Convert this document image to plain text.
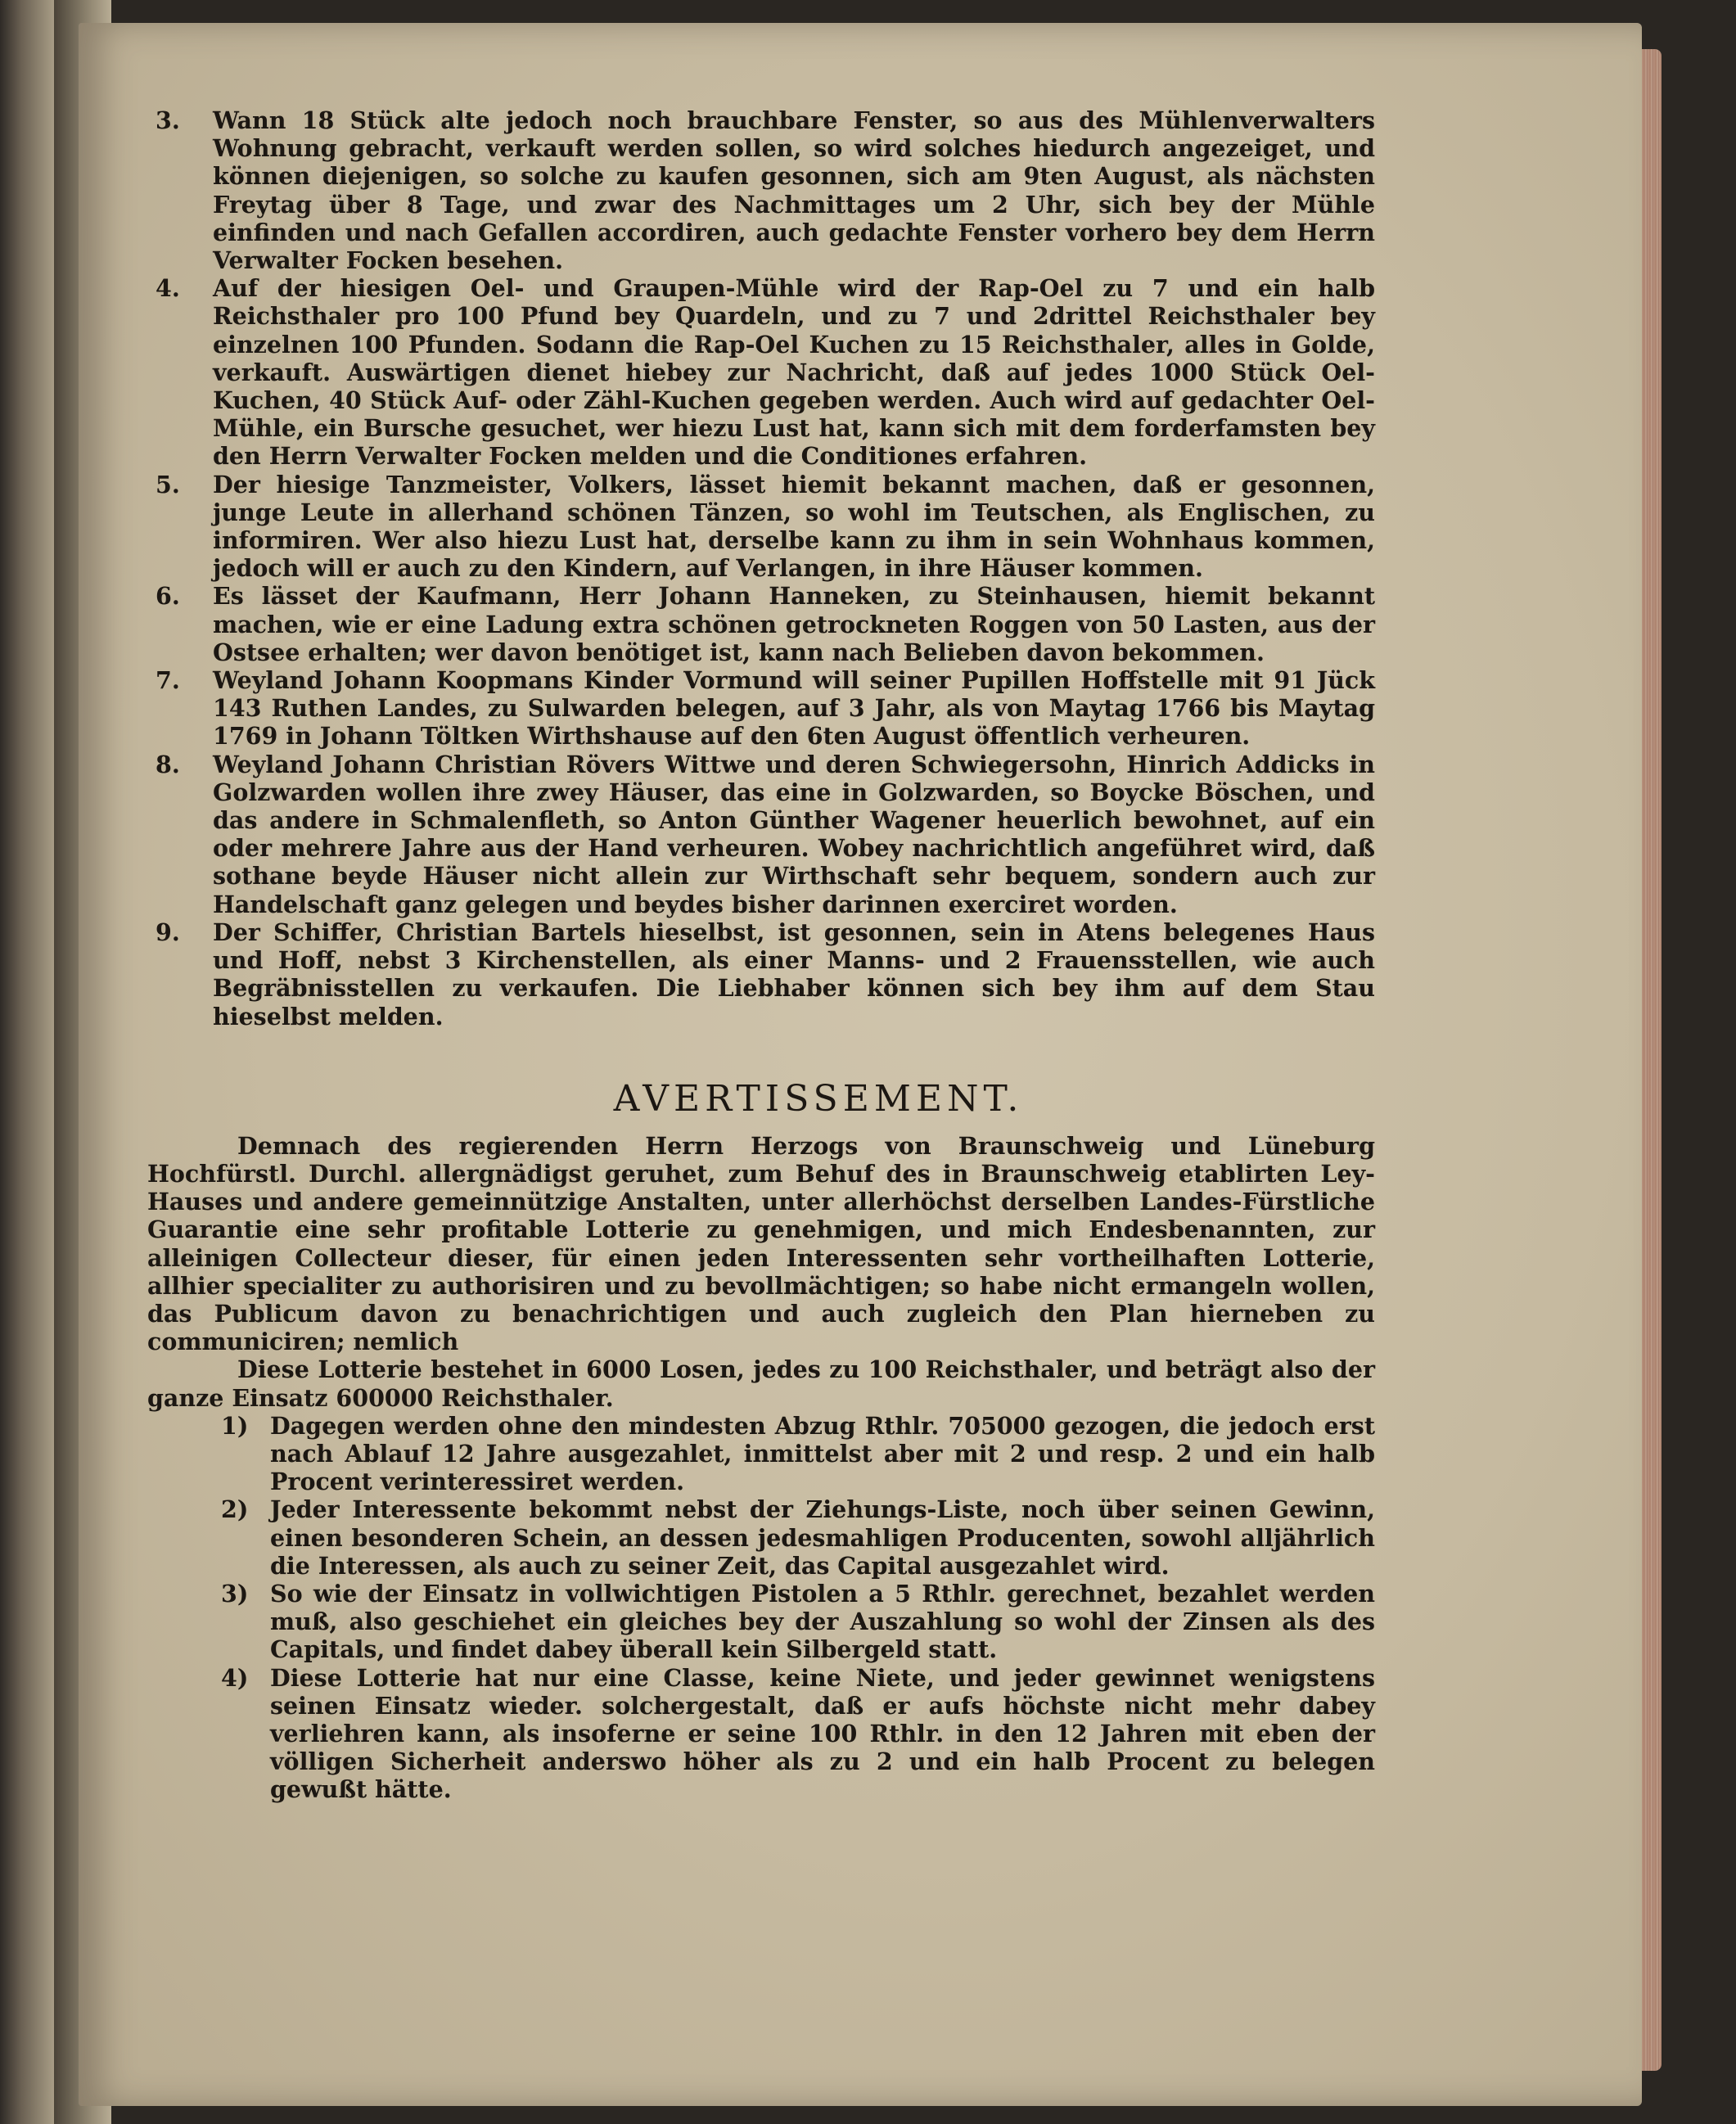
3.	Wann 18 Stück alte jedoch noch brauchbare Fenster, so aus des Mühlenverwalters Wohnung gebracht, verkauft werden sollen, so wird solches hiedurch angezeiget, und können diejenigen, so solche zu kaufen gesonnen, sich am 9ten August, als nächsten Freytag über 8 Tage, und zwar des Nachmittages um 2 Uhr, sich bey der Mühle einfinden und nach Gefallen accordiren, auch gedachte Fenster vorhero bey dem Herrn Verwalter Focken besehen.
4.	Auf der hiesigen Oel- und Graupen-Mühle wird der Rap-Oel zu 7 und ein halb Reichsthaler pro 100 Pfund bey Quardeln, und zu 7 und 2drittel Reichsthaler bey einzelnen 100 Pfunden. Sodann die Rap-Oel Kuchen zu 15 Reichsthaler, alles in Golde, verkauft. Auswärtigen dienet hiebey zur Nachricht, daß auf jedes 1000 Stück Oel-Kuchen, 40 Stück Auf- oder Zähl-Kuchen gegeben werden. Auch wird auf gedachter Oel-Mühle, ein Bursche gesuchet, wer hiezu Lust hat, kann sich mit dem forderfamsten bey den Herrn Verwalter Focken melden und die Conditiones erfahren.
5.	Der hiesige Tanzmeister, Volkers, lässet hiemit bekannt machen, daß er gesonnen, junge Leute in allerhand schönen Tänzen, so wohl im Teutschen, als Englischen, zu informiren. Wer also hiezu Lust hat, derselbe kann zu ihm in sein Wohnhaus kommen, jedoch will er auch zu den Kindern, auf Verlangen, in ihre Häuser kommen.
6.	Es lässet der Kaufmann, Herr Johann Hanneken, zu Steinhausen, hiemit bekannt machen, wie er eine Ladung extra schönen getrockneten Roggen von 50 Lasten, aus der Ostsee erhalten; wer davon benötiget ist, kann nach Belieben davon bekommen.
7.	Weyland Johann Koopmans Kinder Vormund will seiner Pupillen Hoffstelle mit 91 Jück 143 Ruthen Landes, zu Sulwarden belegen, auf 3 Jahr, als von Maytag 1766 bis Maytag 1769 in Johann Töltken Wirthshause auf den 6ten August öffentlich verheuren.
8.	Weyland Johann Christian Rövers Wittwe und deren Schwiegersohn, Hinrich Addicks in Golzwarden wollen ihre zwey Häuser, das eine in Golzwarden, so Boycke Böschen, und das andere in Schmalenfleth, so Anton Günther Wagener heuerlich bewohnet, auf ein oder mehrere Jahre aus der Hand verheuren. Wobey nachrichtlich angeführet wird, daß sothane beyde Häuser nicht allein zur Wirthschaft sehr bequem, sondern auch zur Handelschaft ganz gelegen und beydes bisher darinnen exerciret worden.
9.	Der Schiffer, Christian Bartels hieselbst, ist gesonnen, sein in Atens belegenes Haus und Hoff, nebst 3 Kirchenstellen, als einer Manns- und 2 Frauensstellen, wie auch Begräbnisstellen zu verkaufen. Die Liebhaber können sich bey ihm auf dem Stau hieselbst melden.
AVERTISSEMENT.

Demnach des regierenden Herrn Herzogs von Braunschweig und Lüneburg Hochfürstl. Durchl. allergnädigst geruhet, zum Behuf des in Braunschweig etablirten Ley-Hauses und andere gemeinnützige Anstalten, unter allerhöchst derselben Landes-Fürstliche Guarantie eine sehr profitable Lotterie zu genehmigen, und mich Endesbenannten, zur alleinigen Collecteur dieser, für einen jeden Interessenten sehr vortheilhaften Lotterie, allhier specialiter zu authorisiren und zu bevollmächtigen; so habe nicht ermangeln wollen, das Publicum davon zu benachrichtigen und auch zugleich den Plan hierneben zu communiciren; nemlich

Diese Lotterie bestehet in 6000 Losen, jedes zu 100 Reichsthaler, und beträgt also der ganze Einsatz 600000 Reichsthaler.

1) Dagegen werden ohne den mindesten Abzug Rthlr. 705000 gezogen, die jedoch erst nach Ablauf 12 Jahre ausgezahlet, inmittelst aber mit 2 und resp. 2 und ein halb Procent verinteressiret werden.
2) Jeder Interessente bekommt nebst der Ziehungs-Liste, noch über seinen Gewinn, einen besonderen Schein, an dessen jedesmahligen Producenten, sowohl alljährlich die Interessen, als auch zu seiner Zeit, das Capital ausgezahlet wird.
3) So wie der Einsatz in vollwichtigen Pistolen a 5 Rthlr. gerechnet, bezahlet werden muß, also geschiehet ein gleiches bey der Auszahlung so wohl der Zinsen als des Capitals, und findet dabey überall kein Silbergeld statt.
4) Diese Lotterie hat nur eine Classe, keine Niete, und jeder gewinnet wenigstens seinen Einsatz wieder. solchergestalt, daß er aufs höchste nicht mehr dabey verliehren kann, als insoferne er seine 100 Rthlr. in den 12 Jahren mit eben der völligen Sicherheit anderswo höher als zu 2 und ein halb Procent zu belegen gewußt hätte.
